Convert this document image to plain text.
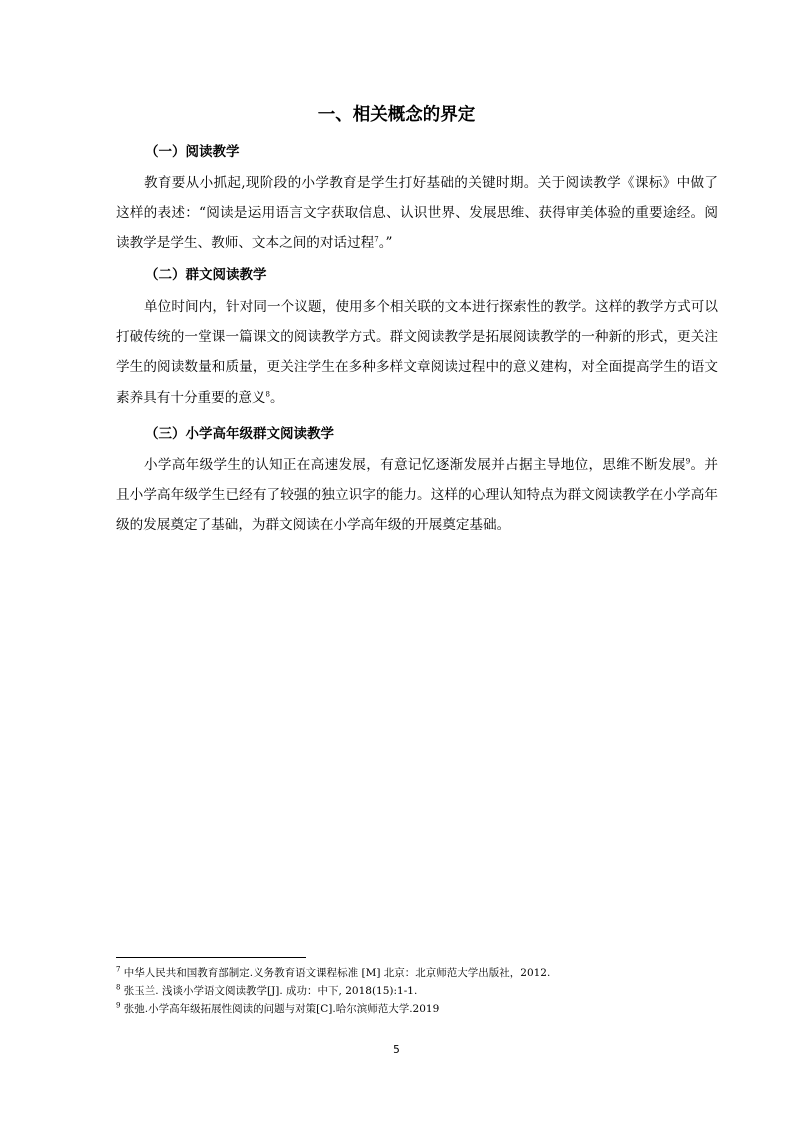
一、相关概念的界定
（一）阅读教学

教育要从小抓起,现阶段的小学教育是学生打好基础的关键时期。关于阅读教学《课标》中做了这样的表述：“阅读是运用语言文字获取信息、认识世界、发展思维、获得审美体验的重要途经。阅读教学是学生、教师、文本之间的对话过程$^7$。”

（二）群文阅读教学

单位时间内，针对同一个议题，使用多个相关联的文本进行探索性的教学。这样的教学方式可以打破传统的一堂课一篇课文的阅读教学方式。群文阅读教学是拓展阅读教学的一种新的形式，更关注学生的阅读数量和质量，更关注学生在多种多样文章阅读过程中的意义建构，对全面提高学生的语文素养具有十分重要的意义$^8$。

（三）小学高年级群文阅读教学

小学高年级学生的认知正在高速发展，有意记忆逐渐发展并占据主导地位，思维不断发展$^9$。并且小学高年级学生已经有了较强的独立识字的能力。这样的心理认知特点为群文阅读教学在小学高年级的发展奠定了基础，为群文阅读在小学高年级的开展奠定基础。

$^7$ 中华人民共和国教育部制定.义务教育语文课程标准 [M] 北京：北京师范大学出版社，2012.

$^8$ 张玉兰. 浅谈小学语文阅读教学[J]. 成功：中下, 2018(15):1-1.

$^9$ 张弛.小学高年级拓展性阅读的问题与对策[C].哈尔滨师范大学.2019

5
